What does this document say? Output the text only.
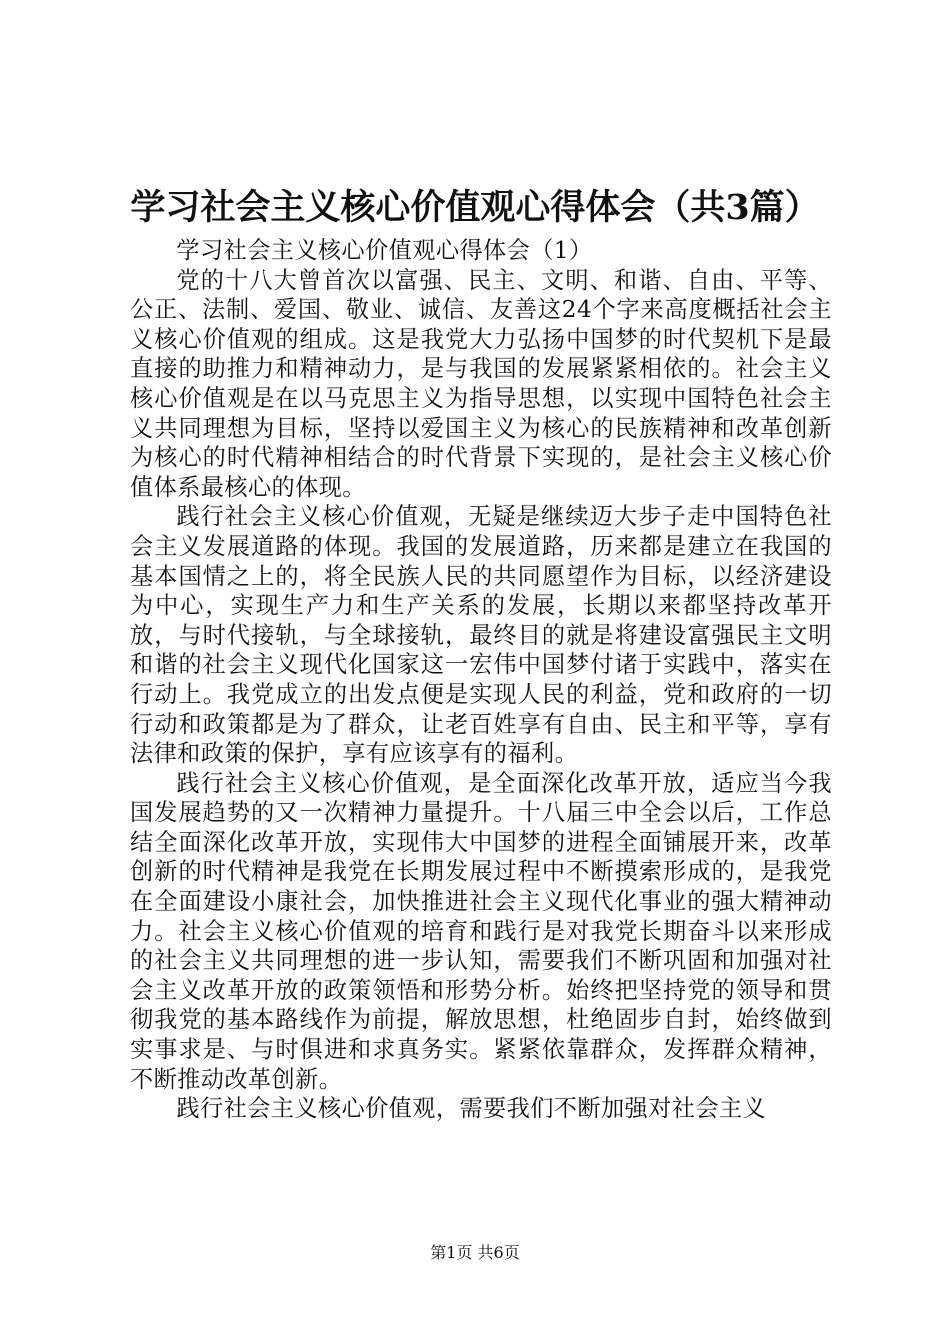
学习社会主义核心价值观心得体会（共3篇）

学习社会主义核心价值观心得体会（1）

党的十八大曾首次以富强、民主、文明、和谐、自由、平等、公正、法制、爱国、敬业、诚信、友善这24个字来高度概括社会主义核心价值观的组成。这是我党大力弘扬中国梦的时代契机下是最直接的助推力和精神动力，是与我国的发展紧紧相依的。社会主义核心价值观是在以马克思主义为指导思想，以实现中国特色社会主义共同理想为目标，坚持以爱国主义为核心的民族精神和改革创新为核心的时代精神相结合的时代背景下实现的，是社会主义核心价值体系最核心的体现。

践行社会主义核心价值观，无疑是继续迈大步子走中国特色社会主义发展道路的体现。我国的发展道路，历来都是建立在我国的基本国情之上的，将全民族人民的共同愿望作为目标，以经济建设为中心，实现生产力和生产关系的发展，长期以来都坚持改革开放，与时代接轨，与全球接轨，最终目的就是将建设富强民主文明和谐的社会主义现代化国家这一宏伟中国梦付诸于实践中，落实在行动上。我党成立的出发点便是实现人民的利益，党和政府的一切行动和政策都是为了群众，让老百姓享有自由、民主和平等，享有法律和政策的保护，享有应该享有的福利。

践行社会主义核心价值观，是全面深化改革开放，适应当今我国发展趋势的又一次精神力量提升。十八届三中全会以后，工作总结全面深化改革开放，实现伟大中国梦的进程全面铺展开来，改革创新的时代精神是我党在长期发展过程中不断摸索形成的，是我党在全面建设小康社会，加快推进社会主义现代化事业的强大精神动力。社会主义核心价值观的培育和践行是对我党长期奋斗以来形成的社会主义共同理想的进一步认知，需要我们不断巩固和加强对社会主义改革开放的政策领悟和形势分析。始终把坚持党的领导和贯彻我党的基本路线作为前提，解放思想，杜绝固步自封，始终做到实事求是、与时俱进和求真务实。紧紧依靠群众，发挥群众精神，不断推动改革创新。

践行社会主义核心价值观，需要我们不断加强对社会主义

第1页 共6页
